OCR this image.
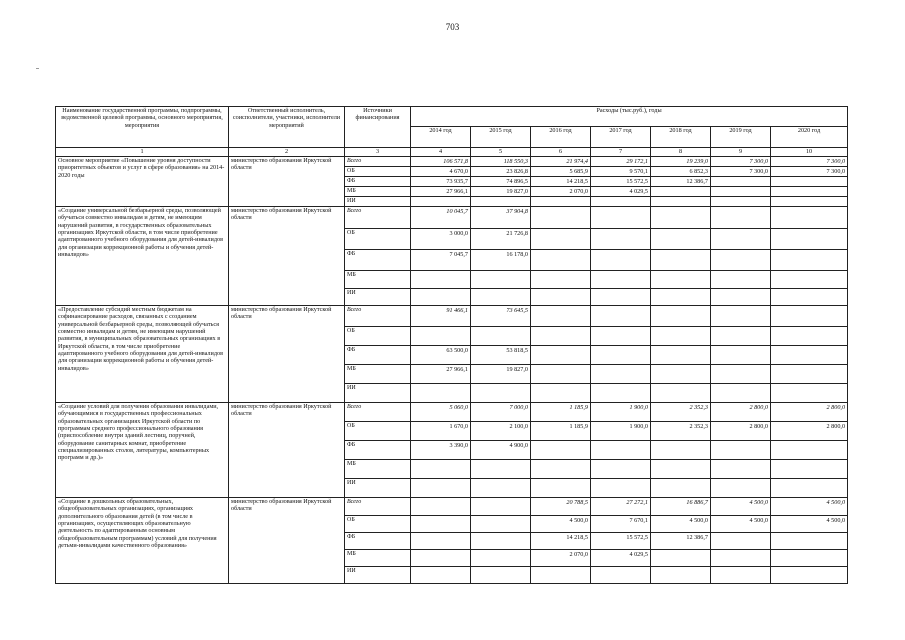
703
Наименование государственной программы, подпрограммы, ведомственной целевой программы, основного мероприятия, мероприятия	Ответственный исполнитель, соисполнители, участники, исполнители мероприятий	Источники финансирования	Расходы (тыс.руб.), годы						
			2014 год	2015 год	2016 год	2017 год	2018 год	2019 год	2020 год
1	2	3	4	5	6	7	8	9	10
Основное мероприятие «Повышение уровня доступности приоритетных объектов и услуг в сфере образования» на 2014-2020 годы	министерство образования Иркутской области	Всего	106 571,8	118 550,3	21 974,4	29 172,1	19 239,0	7 300,0	7 300,0
		ОБ	4 670,0	23 826,8	5 685,9	9 570,1	6 852,3	7 300,0	7 300,0
		ФБ	73 935,7	74 896,5	14 218,5	15 572,5	12 386,7		
		МБ	27 966,1	19 827,0	2 070,0	4 029,5			
		ИИ							
«Создание универсальной безбарьерной среды, позволяющей обучаться совместно инвалидам и детям, не имеющим нарушений развития, в государственных образовательных организациях Иркутской области, в том числе приобретение адаптированного учебного оборудования для детей-инвалидов для организации коррекционной работы и обучения детей-инвалидов»	министерство образования Иркутской области	Всего	10 045,7	37 904,8					
		ОБ	3 000,0	21 726,8					
		ФБ	7 045,7	16 178,0					
		МБ							
		ИИ							
«Предоставление субсидий местным бюджетам на софинансирование расходов, связанных с созданием универсальной безбарьерной среды, позволяющей обучаться совместно инвалидам и детям, не имеющим нарушений развития, в муниципальных образовательных организациях в Иркутской области, в том числе приобретение адаптированного учебного оборудования для детей-инвалидов для организации коррекционной работы и обучения детей-инвалидов»	министерство образования Иркутской области	Всего	91 466,1	73 645,5					
		ОБ							
		ФБ	63 500,0	53 818,5					
		МБ	27 966,1	19 827,0					
		ИИ							
«Создание условий для получения образования инвалидами, обучающимися в государственных профессиональных образовательных организациях Иркутской области по программам среднего профессионального образования (приспособление внутри зданий лестниц, поручней, оборудование санитарных комнат, приобретение специализированных столов, литературы, компьютерных программ и др.)»	министерство образования Иркутской области	Всего	5 060,0	7 000,0	1 185,9	1 900,0	2 352,3	2 800,0	2 800,0
		ОБ	1 670,0	2 100,0	1 185,9	1 900,0	2 352,3	2 800,0	2 800,0
		ФБ	3 390,0	4 900,0					
		МБ							
		ИИ							
«Создание в дошкольных образовательных, общеобразовательных организациях, организациях дополнительного образования детей (в том числе в организациях, осуществляющих образовательную деятельность по адаптированным основным общеобразовательным программам) условий для получения детьми-инвалидами качественного образования»	министерство образования Иркутской области	Всего			20 788,5	27 272,1	16 886,7	4 500,0	4 500,0
		ОБ			4 500,0	7 670,1	4 500,0	4 500,0	4 500,0
		ФБ			14 218,5	15 572,5	12 386,7		
		МБ			2 070,0	4 029,5			
		ИИ							
